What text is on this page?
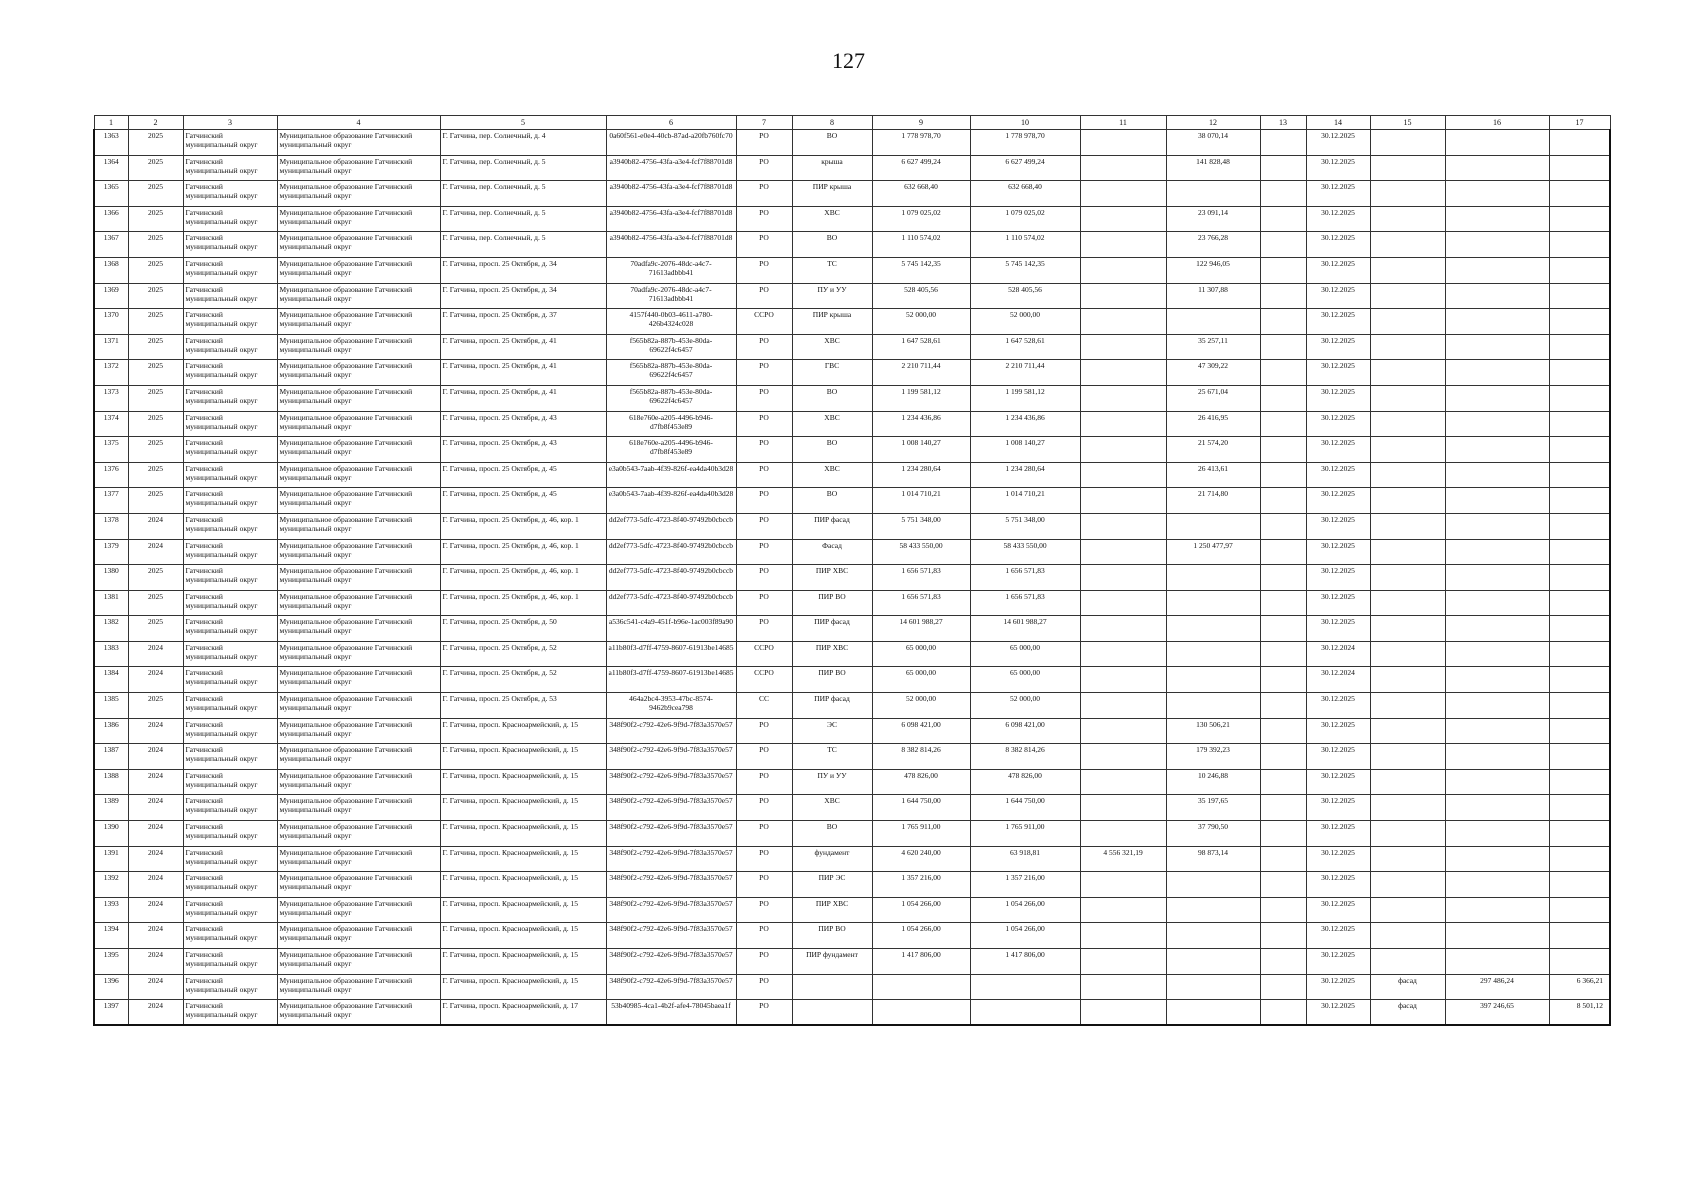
127
1	2	3	4	5	6	7	8	9	10	11	12	13	14	15	16	17
1363	2025	Гатчинский муниципальный округ	Муниципальное образование Гатчинский муниципальный округ	Г. Гатчина, пер. Солнечный, д. 4	0a60f561-e0e4-40cb-87ad-a20fb760fc70	РО	ВО	1 778 978,70	1 778 978,70		38 070,14		30.12.2025			
1364	2025	Гатчинский муниципальный округ	Муниципальное образование Гатчинский муниципальный округ	Г. Гатчина, пер. Солнечный, д. 5	a3940b82-4756-43fa-a3e4-fcf7f88701d8	РО	крыша	6 627 499,24	6 627 499,24		141 828,48		30.12.2025			
1365	2025	Гатчинский муниципальный округ	Муниципальное образование Гатчинский муниципальный округ	Г. Гатчина, пер. Солнечный, д. 5	a3940b82-4756-43fa-a3e4-fcf7f88701d8	РО	ПИР крыша	632 668,40	632 668,40				30.12.2025			
1366	2025	Гатчинский муниципальный округ	Муниципальное образование Гатчинский муниципальный округ	Г. Гатчина, пер. Солнечный, д. 5	a3940b82-4756-43fa-a3e4-fcf7f88701d8	РО	ХВС	1 079 025,02	1 079 025,02		23 091,14		30.12.2025			
1367	2025	Гатчинский муниципальный округ	Муниципальное образование Гатчинский муниципальный округ	Г. Гатчина, пер. Солнечный, д. 5	a3940b82-4756-43fa-a3e4-fcf7f88701d8	РО	ВО	1 110 574,02	1 110 574,02		23 766,28		30.12.2025			
1368	2025	Гатчинский муниципальный округ	Муниципальное образование Гатчинский муниципальный округ	Г. Гатчина, просп. 25 Октября, д. 34	70adfa9c-2076-48dc-a4c7-71613adbbb41	РО	ТС	5 745 142,35	5 745 142,35		122 946,05		30.12.2025			
1369	2025	Гатчинский муниципальный округ	Муниципальное образование Гатчинский муниципальный округ	Г. Гатчина, просп. 25 Октября, д. 34	70adfa9c-2076-48dc-a4c7-71613adbbb41	РО	ПУ и УУ	528 405,56	528 405,56		11 307,88		30.12.2025			
1370	2025	Гатчинский муниципальный округ	Муниципальное образование Гатчинский муниципальный округ	Г. Гатчина, просп. 25 Октября, д. 37	4157f440-0b03-4611-a780-426b4324c028	ССРО	ПИР крыша	52 000,00	52 000,00				30.12.2025			
1371	2025	Гатчинский муниципальный округ	Муниципальное образование Гатчинский муниципальный округ	Г. Гатчина, просп. 25 Октября, д. 41	f565b82a-887b-453e-80da-69622f4c6457	РО	ХВС	1 647 528,61	1 647 528,61		35 257,11		30.12.2025			
1372	2025	Гатчинский муниципальный округ	Муниципальное образование Гатчинский муниципальный округ	Г. Гатчина, просп. 25 Октября, д. 41	f565b82a-887b-453e-80da-69622f4c6457	РО	ГВС	2 210 711,44	2 210 711,44		47 309,22		30.12.2025			
1373	2025	Гатчинский муниципальный округ	Муниципальное образование Гатчинский муниципальный округ	Г. Гатчина, просп. 25 Октября, д. 41	f565b82a-887b-453e-80da-69622f4c6457	РО	ВО	1 199 581,12	1 199 581,12		25 671,04		30.12.2025			
1374	2025	Гатчинский муниципальный округ	Муниципальное образование Гатчинский муниципальный округ	Г. Гатчина, просп. 25 Октября, д. 43	618e760e-a205-4496-b946-d7fb8f453e89	РО	ХВС	1 234 436,86	1 234 436,86		26 416,95		30.12.2025			
1375	2025	Гатчинский муниципальный округ	Муниципальное образование Гатчинский муниципальный округ	Г. Гатчина, просп. 25 Октября, д. 43	618e760e-a205-4496-b946-d7fb8f453e89	РО	ВО	1 008 140,27	1 008 140,27		21 574,20		30.12.2025			
1376	2025	Гатчинский муниципальный округ	Муниципальное образование Гатчинский муниципальный округ	Г. Гатчина, просп. 25 Октября, д. 45	e3a0b543-7aab-4f39-826f-ea4da40b3d28	РО	ХВС	1 234 280,64	1 234 280,64		26 413,61		30.12.2025			
1377	2025	Гатчинский муниципальный округ	Муниципальное образование Гатчинский муниципальный округ	Г. Гатчина, просп. 25 Октября, д. 45	e3a0b543-7aab-4f39-826f-ea4da40b3d28	РО	ВО	1 014 710,21	1 014 710,21		21 714,80		30.12.2025			
1378	2024	Гатчинский муниципальный округ	Муниципальное образование Гатчинский муниципальный округ	Г. Гатчина, просп. 25 Октября, д. 46, кор. 1	dd2ef773-5dfc-4723-8f40-97492b0cbccb	РО	ПИР фасад	5 751 348,00	5 751 348,00				30.12.2025			
1379	2024	Гатчинский муниципальный округ	Муниципальное образование Гатчинский муниципальный округ	Г. Гатчина, просп. 25 Октября, д. 46, кор. 1	dd2ef773-5dfc-4723-8f40-97492b0cbccb	РО	Фасад	58 433 550,00	58 433 550,00		1 250 477,97		30.12.2025			
1380	2025	Гатчинский муниципальный округ	Муниципальное образование Гатчинский муниципальный округ	Г. Гатчина, просп. 25 Октября, д. 46, кор. 1	dd2ef773-5dfc-4723-8f40-97492b0cbccb	РО	ПИР ХВС	1 656 571,83	1 656 571,83				30.12.2025			
1381	2025	Гатчинский муниципальный округ	Муниципальное образование Гатчинский муниципальный округ	Г. Гатчина, просп. 25 Октября, д. 46, кор. 1	dd2ef773-5dfc-4723-8f40-97492b0cbccb	РО	ПИР ВО	1 656 571,83	1 656 571,83				30.12.2025			
1382	2025	Гатчинский муниципальный округ	Муниципальное образование Гатчинский муниципальный округ	Г. Гатчина, просп. 25 Октября, д. 50	a536c541-c4a9-451f-b96e-1ac003f89a90	РО	ПИР фасад	14 601 988,27	14 601 988,27				30.12.2025			
1383	2024	Гатчинский муниципальный округ	Муниципальное образование Гатчинский муниципальный округ	Г. Гатчина, просп. 25 Октября, д. 52	a11b80f3-d7ff-4759-8607-61913be14685	ССРО	ПИР ХВС	65 000,00	65 000,00				30.12.2024			
1384	2024	Гатчинский муниципальный округ	Муниципальное образование Гатчинский муниципальный округ	Г. Гатчина, просп. 25 Октября, д. 52	a11b80f3-d7ff-4759-8607-61913be14685	ССРО	ПИР ВО	65 000,00	65 000,00				30.12.2024			
1385	2025	Гатчинский муниципальный округ	Муниципальное образование Гатчинский муниципальный округ	Г. Гатчина, просп. 25 Октября, д. 53	464a2bc4-3953-47bc-8574-9462b9cea798	СС	ПИР фасад	52 000,00	52 000,00				30.12.2025			
1386	2024	Гатчинский муниципальный округ	Муниципальное образование Гатчинский муниципальный округ	Г. Гатчина, просп. Красноармейский, д. 15	348f90f2-c792-42e6-9f9d-7f83a3570e57	РО	ЭС	6 098 421,00	6 098 421,00		130 506,21		30.12.2025			
1387	2024	Гатчинский муниципальный округ	Муниципальное образование Гатчинский муниципальный округ	Г. Гатчина, просп. Красноармейский, д. 15	348f90f2-c792-42e6-9f9d-7f83a3570e57	РО	ТС	8 382 814,26	8 382 814,26		179 392,23		30.12.2025			
1388	2024	Гатчинский муниципальный округ	Муниципальное образование Гатчинский муниципальный округ	Г. Гатчина, просп. Красноармейский, д. 15	348f90f2-c792-42e6-9f9d-7f83a3570e57	РО	ПУ и УУ	478 826,00	478 826,00		10 246,88		30.12.2025			
1389	2024	Гатчинский муниципальный округ	Муниципальное образование Гатчинский муниципальный округ	Г. Гатчина, просп. Красноармейский, д. 15	348f90f2-c792-42e6-9f9d-7f83a3570e57	РО	ХВС	1 644 750,00	1 644 750,00		35 197,65		30.12.2025			
1390	2024	Гатчинский муниципальный округ	Муниципальное образование Гатчинский муниципальный округ	Г. Гатчина, просп. Красноармейский, д. 15	348f90f2-c792-42e6-9f9d-7f83a3570e57	РО	ВО	1 765 911,00	1 765 911,00		37 790,50		30.12.2025			
1391	2024	Гатчинский муниципальный округ	Муниципальное образование Гатчинский муниципальный округ	Г. Гатчина, просп. Красноармейский, д. 15	348f90f2-c792-42e6-9f9d-7f83a3570e57	РО	фундамент	4 620 240,00	63 918,81	4 556 321,19	98 873,14		30.12.2025			
1392	2024	Гатчинский муниципальный округ	Муниципальное образование Гатчинский муниципальный округ	Г. Гатчина, просп. Красноармейский, д. 15	348f90f2-c792-42e6-9f9d-7f83a3570e57	РО	ПИР ЭС	1 357 216,00	1 357 216,00				30.12.2025			
1393	2024	Гатчинский муниципальный округ	Муниципальное образование Гатчинский муниципальный округ	Г. Гатчина, просп. Красноармейский, д. 15	348f90f2-c792-42e6-9f9d-7f83a3570e57	РО	ПИР ХВС	1 054 266,00	1 054 266,00				30.12.2025			
1394	2024	Гатчинский муниципальный округ	Муниципальное образование Гатчинский муниципальный округ	Г. Гатчина, просп. Красноармейский, д. 15	348f90f2-c792-42e6-9f9d-7f83a3570e57	РО	ПИР ВО	1 054 266,00	1 054 266,00				30.12.2025			
1395	2024	Гатчинский муниципальный округ	Муниципальное образование Гатчинский муниципальный округ	Г. Гатчина, просп. Красноармейский, д. 15	348f90f2-c792-42e6-9f9d-7f83a3570e57	РО	ПИР фундамент	1 417 806,00	1 417 806,00				30.12.2025			
1396	2024	Гатчинский муниципальный округ	Муниципальное образование Гатчинский муниципальный округ	Г. Гатчина, просп. Красноармейский, д. 15	348f90f2-c792-42e6-9f9d-7f83a3570e57	РО							30.12.2025	фасад	297 486,24	6 366,21
1397	2024	Гатчинский муниципальный округ	Муниципальное образование Гатчинский муниципальный округ	Г. Гатчина, просп. Красноармейский, д. 17	53b40985-4ca1-4b2f-afe4-78045baea1f	РО							30.12.2025	фасад	397 246,65	8 501,12
